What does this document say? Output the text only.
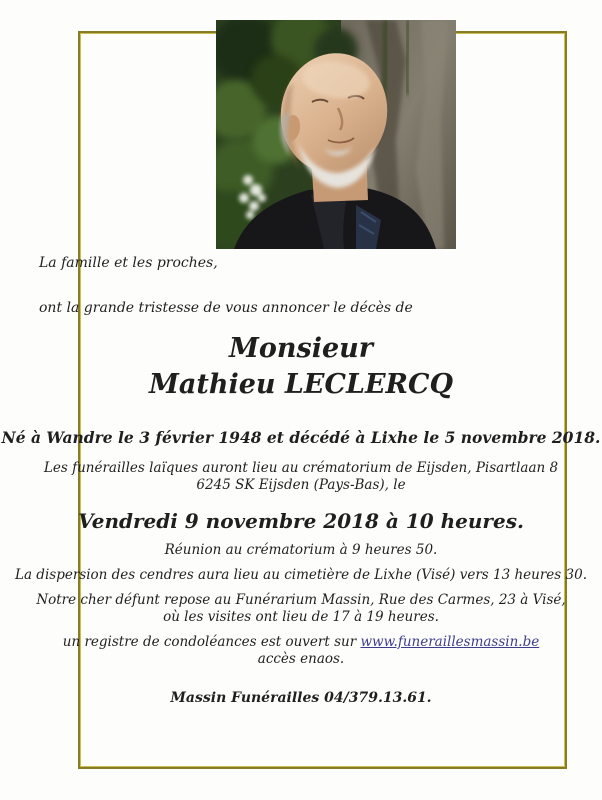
La famille et les proches,
ont la grande tristesse de vous annoncer le décès de
Monsieur
Mathieu LECLERCQ
Né à Wandre le 3 février 1948 et décédé à Lixhe le 5 novembre 2018.
Les funérailles laïques auront lieu au crématorium de Eijsden, Pisartlaan 8
6245 SK Eijsden (Pays-Bas), le
Vendredi 9 novembre 2018 à 10 heures.
Réunion au crématorium à 9 heures 50.
La dispersion des cendres aura lieu au cimetière de Lixhe (Visé) vers 13 heures 30.
Notre cher défunt repose au Funérarium Massin, Rue des Carmes, 23 à Visé,
où les visites ont lieu de 17 à 19 heures.
un registre de condoléances est ouvert sur www.funeraillesmassin.be
accès enaos.
Massin Funérailles 04/379.13.61.
